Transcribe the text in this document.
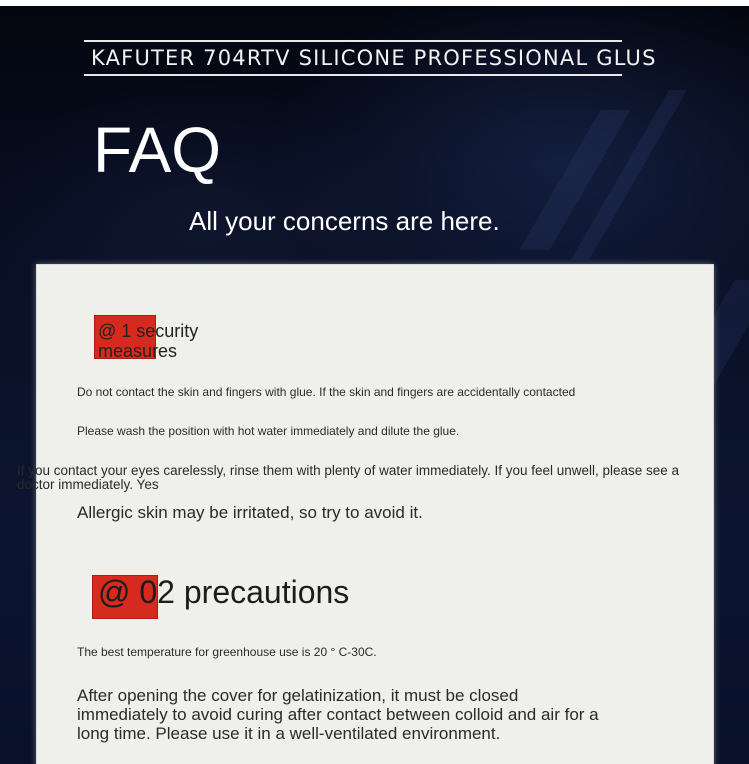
KAFUTER 704RTV SILICONE PROFESSIONAL GLUS
FAQ
All your concerns are here.
@ 1 security measures
Do not contact the skin and fingers with glue. If the skin and fingers are accidentally contacted
Please wash the position with hot water immediately and dilute the glue.
If you contact your eyes carelessly, rinse them with plenty of water immediately. If you feel unwell, please see a doctor immediately. Yes
Allergic skin may be irritated, so try to avoid it.
@ 02 precautions
The best temperature for greenhouse use is 20 ° C-30C.
After opening the cover for gelatinization, it must be closed immediately to avoid curing after contact between colloid and air for a long time. Please use it in a well-ventilated environment.
